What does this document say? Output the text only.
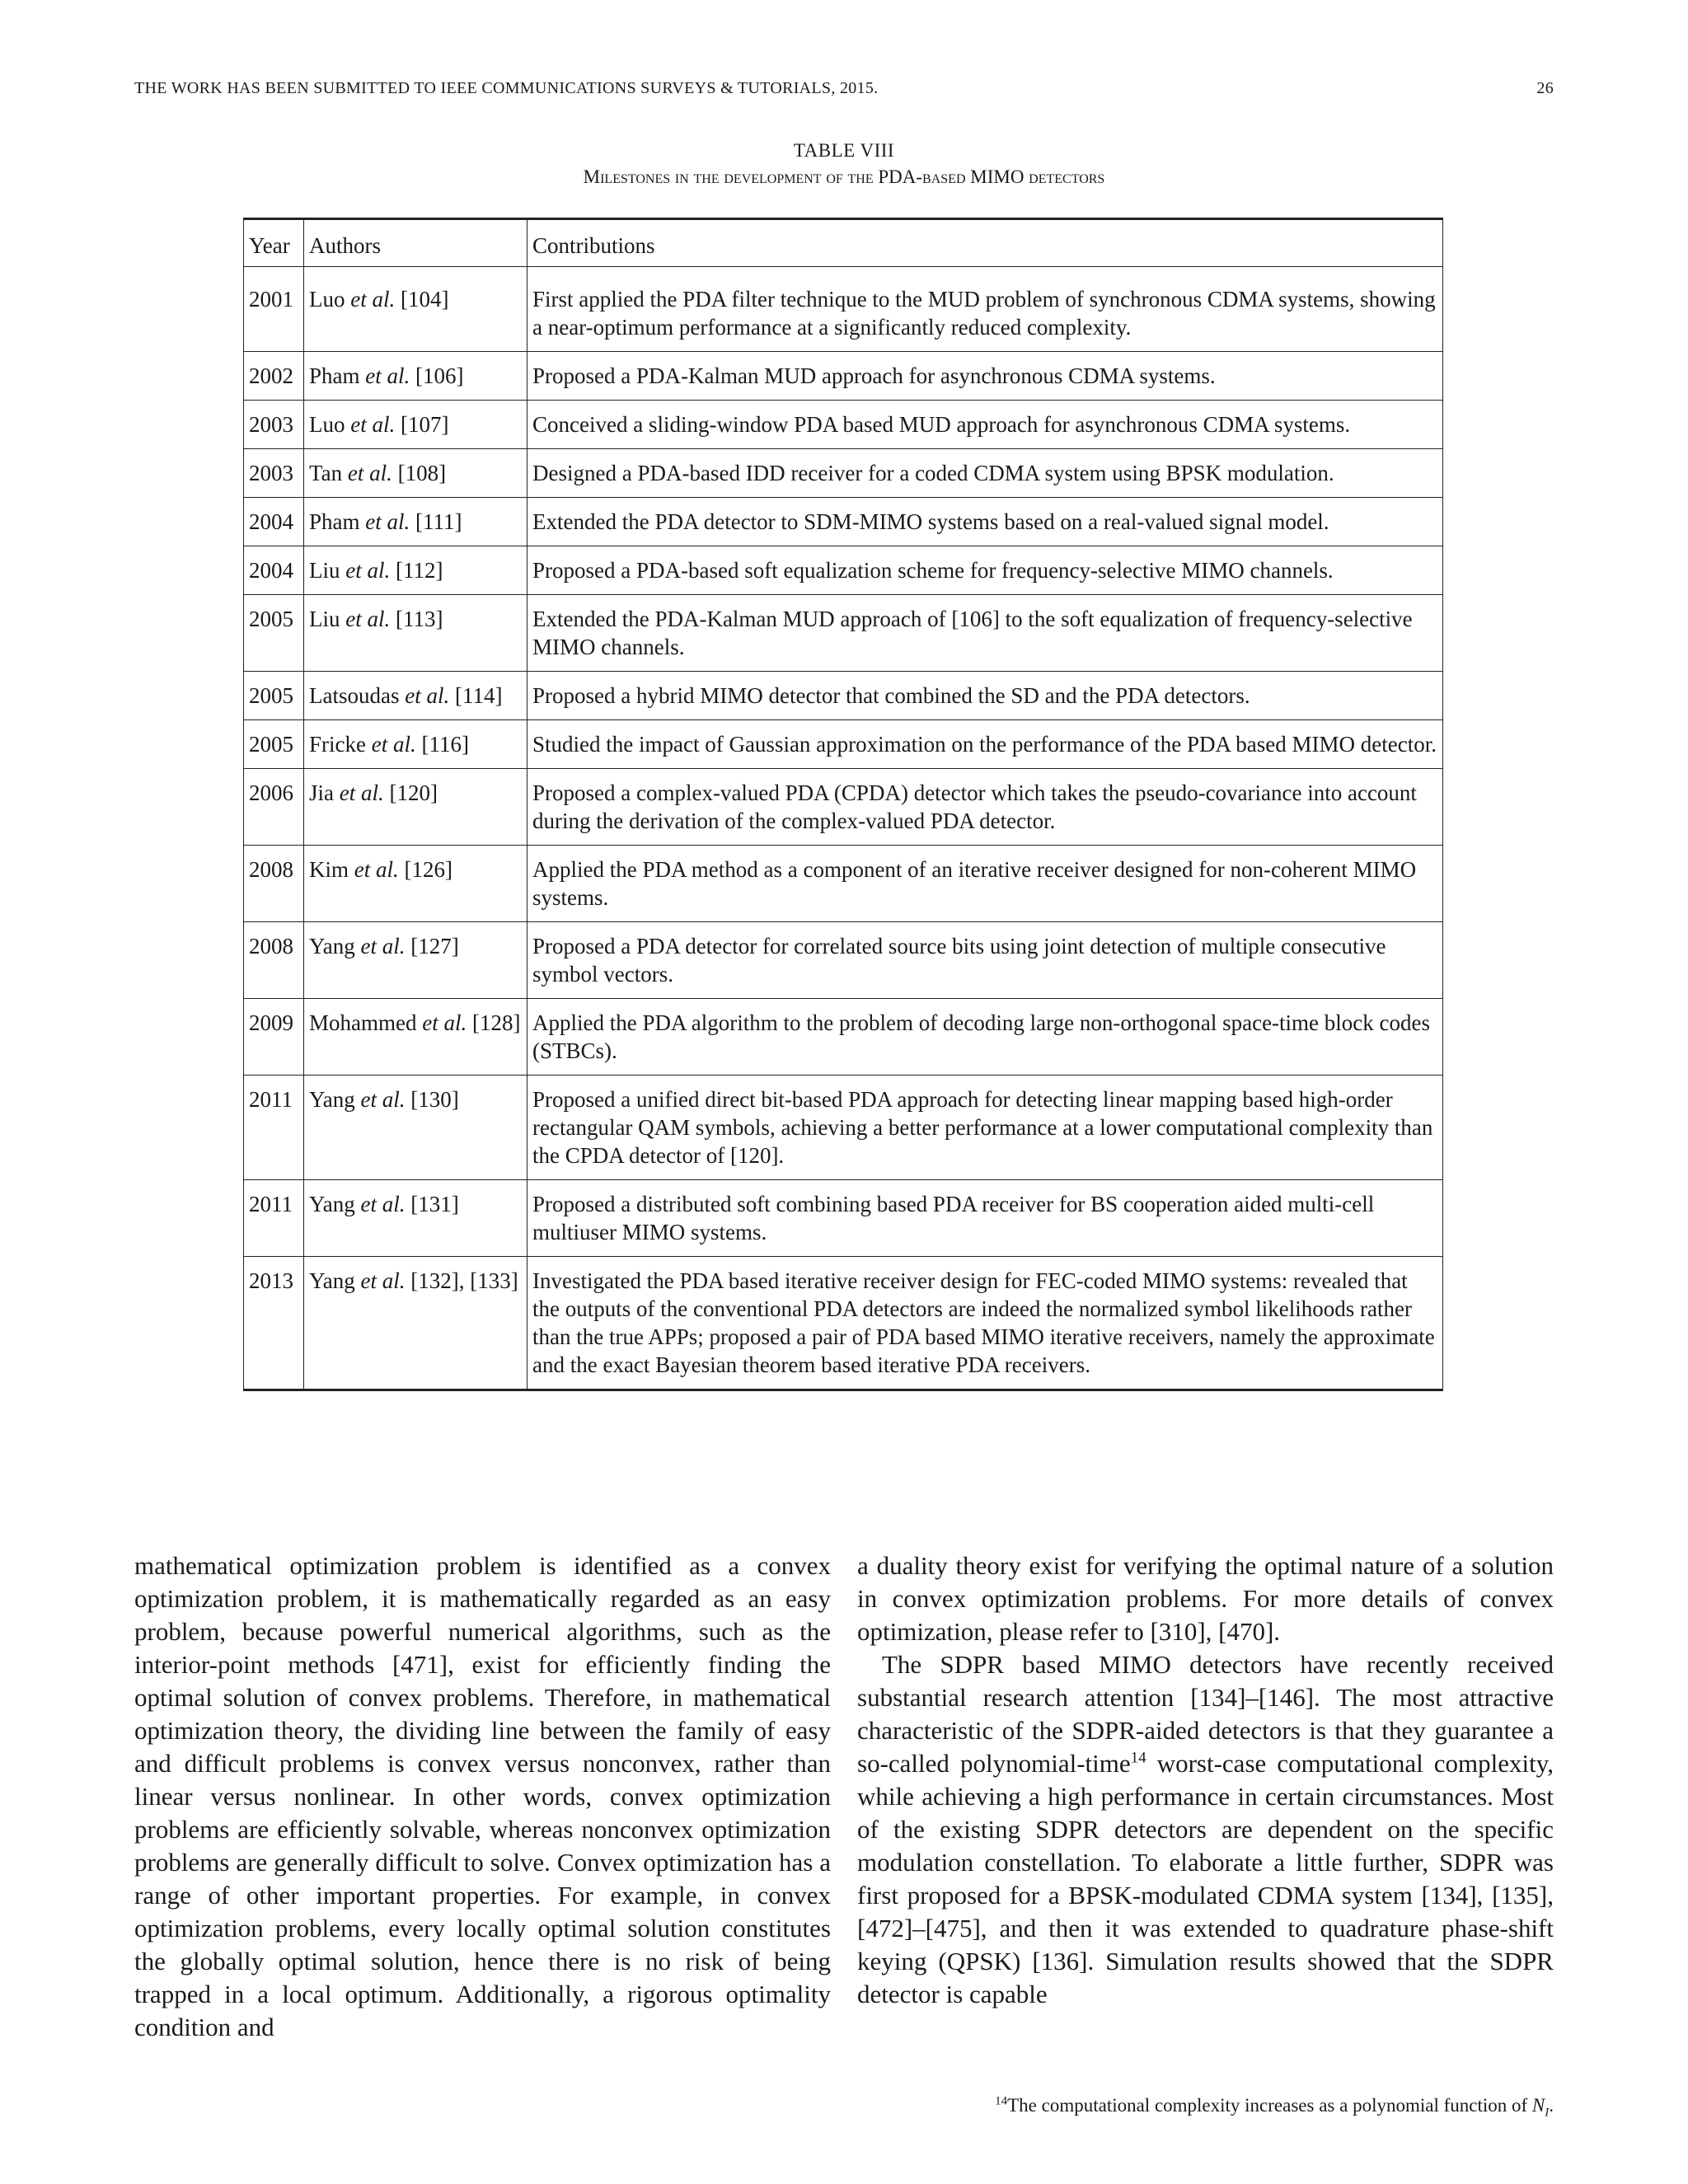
THE WORK HAS BEEN SUBMITTED TO IEEE COMMUNICATIONS SURVEYS & TUTORIALS, 2015.	26
TABLE VIII
Milestones in the development of the PDA-based MIMO detectors
Year	Authors	Contributions

2001	Luo et al. [104]	First applied the PDA filter technique to the MUD problem of synchronous CDMA systems, showing a near-optimum performance at a significantly reduced complexity.
2002	Pham et al. [106]	Proposed a PDA-Kalman MUD approach for asynchronous CDMA systems.
2003	Luo et al. [107]	Conceived a sliding-window PDA based MUD approach for asynchronous CDMA systems.
2003	Tan et al. [108]	Designed a PDA-based IDD receiver for a coded CDMA system using BPSK modulation.
2004	Pham et al. [111]	Extended the PDA detector to SDM-MIMO systems based on a real-valued signal model.
2004	Liu et al. [112]	Proposed a PDA-based soft equalization scheme for frequency-selective MIMO channels.
2005	Liu et al. [113]	Extended the PDA-Kalman MUD approach of [106] to the soft equalization of frequency-selective MIMO channels.
2005	Latsoudas et al. [114]	Proposed a hybrid MIMO detector that combined the SD and the PDA detectors.
2005	Fricke et al. [116]	Studied the impact of Gaussian approximation on the performance of the PDA based MIMO detector.
2006	Jia et al. [120]	Proposed a complex-valued PDA (CPDA) detector which takes the pseudo-covariance into account during the derivation of the complex-valued PDA detector.
2008	Kim et al. [126]	Applied the PDA method as a component of an iterative receiver designed for non-coherent MIMO systems.
2008	Yang et al. [127]	Proposed a PDA detector for correlated source bits using joint detection of multiple consecutive symbol vectors.
2009	Mohammed et al. [128]	Applied the PDA algorithm to the problem of decoding large non-orthogonal space-time block codes (STBCs).
2011	Yang et al. [130]	Proposed a unified direct bit-based PDA approach for detecting linear mapping based high-order rectangular QAM symbols, achieving a better performance at a lower computational complexity than the CPDA detector of [120].
2011	Yang et al. [131]	Proposed a distributed soft combining based PDA receiver for BS cooperation aided multi-cell multiuser MIMO systems.
2013	Yang et al. [132], [133]	Investigated the PDA based iterative receiver design for FEC-coded MIMO systems: revealed that the outputs of the conventional PDA detectors are indeed the normalized symbol likelihoods rather than the true APPs; proposed a pair of PDA based MIMO iterative receivers, namely the approximate and the exact Bayesian theorem based iterative PDA receivers.

mathematical optimization problem is identified as a convex optimization problem, it is mathematically regarded as an easy problem, because powerful numerical algorithms, such as the interior-point methods [471], exist for efficiently finding the optimal solution of convex problems. Therefore, in mathematical optimization theory, the dividing line between the family of easy and difficult problems is convex versus nonconvex, rather than linear versus nonlinear. In other words, convex optimization problems are efficiently solvable, whereas nonconvex optimization problems are generally difficult to solve. Convex optimization has a range of other important properties. For example, in convex optimization problems, every locally optimal solution constitutes the globally optimal solution, hence there is no risk of being trapped in a local optimum. Additionally, a rigorous optimality condition and

a duality theory exist for verifying the optimal nature of a solution in convex optimization problems. For more details of convex optimization, please refer to [310], [470].

The SDPR based MIMO detectors have recently received substantial research attention [134]–[146]. The most attractive characteristic of the SDPR-aided detectors is that they guarantee a so-called polynomial-time$^{14}$ worst-case computational complexity, while achieving a high performance in certain circumstances. Most of the existing SDPR detectors are dependent on the specific modulation constellation. To elaborate a little further, SDPR was first proposed for a BPSK-modulated CDMA system [134], [135], [472]–[475], and then it was extended to quadrature phase-shift keying (QPSK) [136]. Simulation results showed that the SDPR detector is capable

$^{14}$The computational complexity increases as a polynomial function of $N_I$.
